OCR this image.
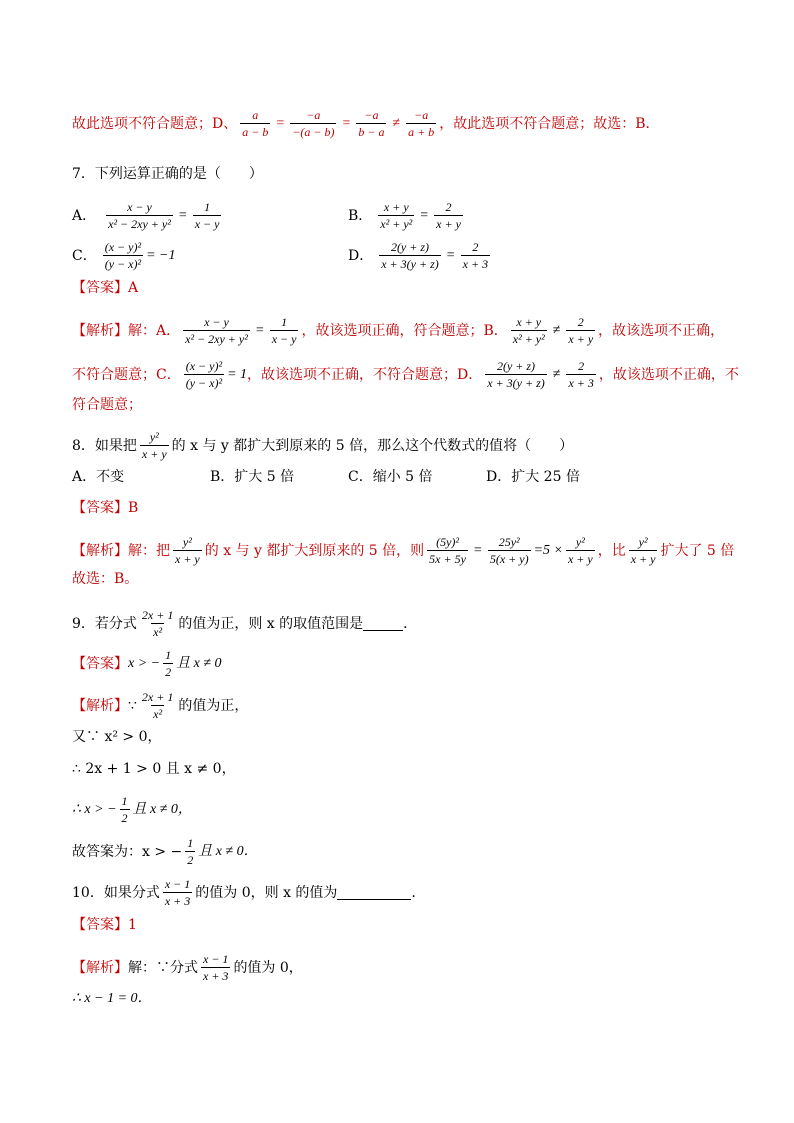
故此选项不符合题意；D、 $\frac{a}{a - b} = \frac{-a}{-(a - b)} = \frac{-a}{b - a} \ne \frac{-a}{a + b}$ ，故此选项不符合题意；故选：B．
7．下列运算正确的是（　　）
A． $\frac{x - y}{\text{x² − 2xy + y²}} = \frac{1}{x - y}$	B． $\frac{x + y}{\text{x² + y²}} = \frac{2}{x + y}$
C． $\frac{\text{(x − y)²}}{\text{(y − x)²}} = -1$	D． $\frac{2(y + z)}{x + 3(y + z)} = \frac{2}{x + 3}$
【答案】 A
【解析】 解：A． $\frac{x - y}{\text{x² − 2xy + y²}} = \frac{1}{x - y}$ ，故该选项正确，符合题意；B． $\frac{x + y}{\text{x² + y²}} \ne \frac{2}{x + y}$ ，故该选项不正确，
不符合题意；C． $\frac{\text{(x − y)²}}{\text{(y − x)²}} = 1$ ，故该选项不正确，不符合题意；D． $\frac{2(y + z)}{x + 3(y + z)} \ne \frac{2}{x + 3}$ ，故该选项不正确，不
符合题意；
8．如果把 $\frac{\text{y²}}{x + y}$ 的 x 与 y 都扩大到原来的 5 倍，那么这个代数式的值将（　　）
A．不变	B．扩大 5 倍	C．缩小 5 倍	D．扩大 25 倍
【答案】 B
【解析】 解：把 $\frac{\text{y²}}{x + y}$ 的 x 与 y 都扩大到原来的 5 倍，则 $\frac{\text{(5y)²}}{5x + 5y} = \frac{\text{25y²}}{5(x + y)} =5 \times \frac{\text{y²}}{x + y}$ ，比 $\frac{\text{y²}}{x + y}$ 扩大了 5 倍
故选：B。
9．若分式 $\frac{2x + 1}{\text{x²}}$ 的值为正，则 x 的取值范围是	．
【答案】 x > − $\frac{1}{2}$ 且 x ≠ 0
【解析】 ∵ $\frac{2x + 1}{\text{x²}}$ 的值为正，
又∵ x² > 0，
∴ 2x + 1 > 0 且 x ≠ 0，
∴ x > − $\frac{1}{2}$ 且 x ≠ 0，
故答案为：x > − $\frac{1}{2}$ 且 x ≠ 0．
10．如果分式 $\frac{x - 1}{x + 3}$ 的值为 0，则 x 的值为	.
【答案】 1
【解析】 解：∵分式 $\frac{x - 1}{x + 3}$ 的值为 0，
∴ x − 1 = 0．
